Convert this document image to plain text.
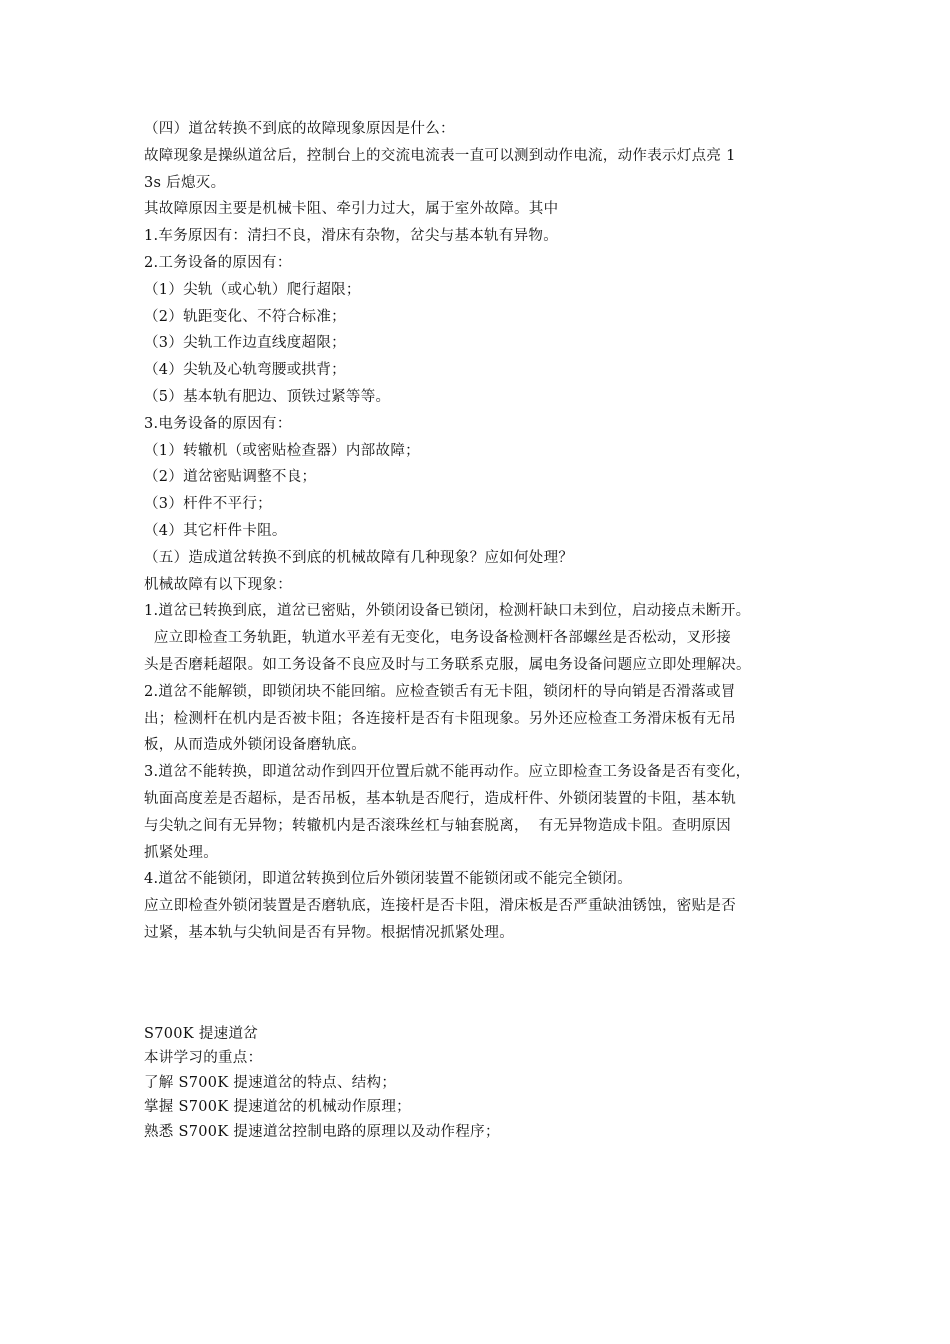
（四）道岔转换不到底的故障现象原因是什么：
故障现象是操纵道岔后，控制台上的交流电流表一直可以测到动作电流，动作表示灯点亮 1
3s 后熄灭。
其故障原因主要是机械卡阻、牵引力过大，属于室外故障。其中
1.车务原因有：清扫不良，滑床有杂物，岔尖与基本轨有异物。
2.工务设备的原因有：
（1）尖轨（或心轨）爬行超限；
（2）轨距变化、不符合标准；
（3）尖轨工作边直线度超限；
（4）尖轨及心轨弯腰或拱背；
（5）基本轨有肥边、顶铁过紧等等。
3.电务设备的原因有：
（1）转辙机（或密贴检查器）内部故障；
（2）道岔密贴调整不良；
（3）杆件不平行；
（4）其它杆件卡阻。
（五）造成道岔转换不到底的机械故障有几种现象？应如何处理？
机械故障有以下现象：
1.道岔已转换到底，道岔已密贴，外锁闭设备已锁闭，检测杆缺口未到位，启动接点未断开。
应立即检查工务轨距，轨道水平差有无变化，电务设备检测杆各部螺丝是否松动，叉形接
头是否磨耗超限。如工务设备不良应及时与工务联系克服，属电务设备问题应立即处理解决。
2.道岔不能解锁，即锁闭块不能回缩。应检查锁舌有无卡阻，锁闭杆的导向销是否滑落或冒
出；检测杆在机内是否被卡阻；各连接杆是否有卡阻现象。另外还应检查工务滑床板有无吊
板，从而造成外锁闭设备磨轨底。
3.道岔不能转换，即道岔动作到四开位置后就不能再动作。应立即检查工务设备是否有变化，
轨面高度差是否超标，是否吊板，基本轨是否爬行，造成杆件、外锁闭装置的卡阻，基本轨
与尖轨之间有无异物；转辙机内是否滚珠丝杠与轴套脱离，  有无异物造成卡阻。查明原因
抓紧处理。
4.道岔不能锁闭，即道岔转换到位后外锁闭装置不能锁闭或不能完全锁闭。
应立即检查外锁闭装置是否磨轨底，连接杆是否卡阻，滑床板是否严重缺油锈蚀，密贴是否
过紧，基本轨与尖轨间是否有异物。根据情况抓紧处理。
S700K 提速道岔
本讲学习的重点：
了解 S700K 提速道岔的特点、结构；
掌握 S700K 提速道岔的机械动作原理；
熟悉 S700K 提速道岔控制电路的原理以及动作程序；
